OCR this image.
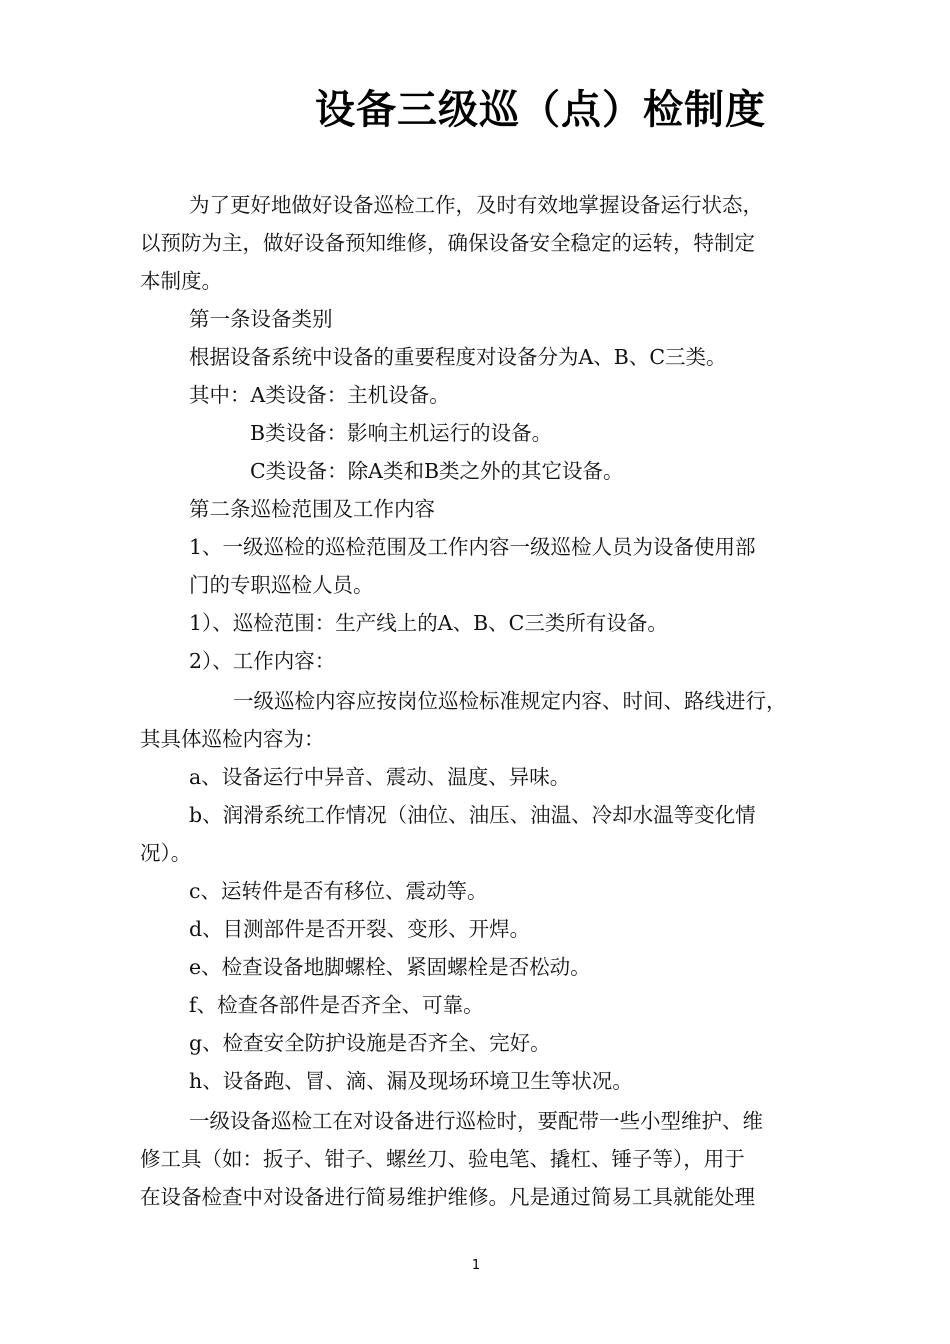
设备三级巡（点）检制度
为了更好地做好设备巡检工作，及时有效地掌握设备运行状态，
以预防为主，做好设备预知维修，确保设备安全稳定的运转，特制定
本制度。
第一条设备类别
根据设备系统中设备的重要程度对设备分为A、B、C三类。
其中：A类设备：主机设备。
B类设备：影响主机运行的设备。
C类设备：除A类和B类之外的其它设备。
第二条巡检范围及工作内容
1、一级巡检的巡检范围及工作内容一级巡检人员为设备使用部
门的专职巡检人员。
1）、巡检范围：生产线上的A、B、C三类所有设备。
2）、工作内容：
一级巡检内容应按岗位巡检标准规定内容、时间、路线进行，
其具体巡检内容为：
a、设备运行中异音、震动、温度、异味。
b、润滑系统工作情况（油位、油压、油温、冷却水温等变化情
况）。
c、运转件是否有移位、震动等。
d、目测部件是否开裂、变形、开焊。
e、检查设备地脚螺栓、紧固螺栓是否松动。
f、检查各部件是否齐全、可靠。
g、检查安全防护设施是否齐全、完好。
h、设备跑、冒、滴、漏及现场环境卫生等状况。
一级设备巡检工在对设备进行巡检时，要配带一些小型维护、维
修工具（如：扳子、钳子、螺丝刀、验电笔、撬杠、锤子等），用于
在设备检查中对设备进行简易维护维修。凡是通过简易工具就能处理
1
